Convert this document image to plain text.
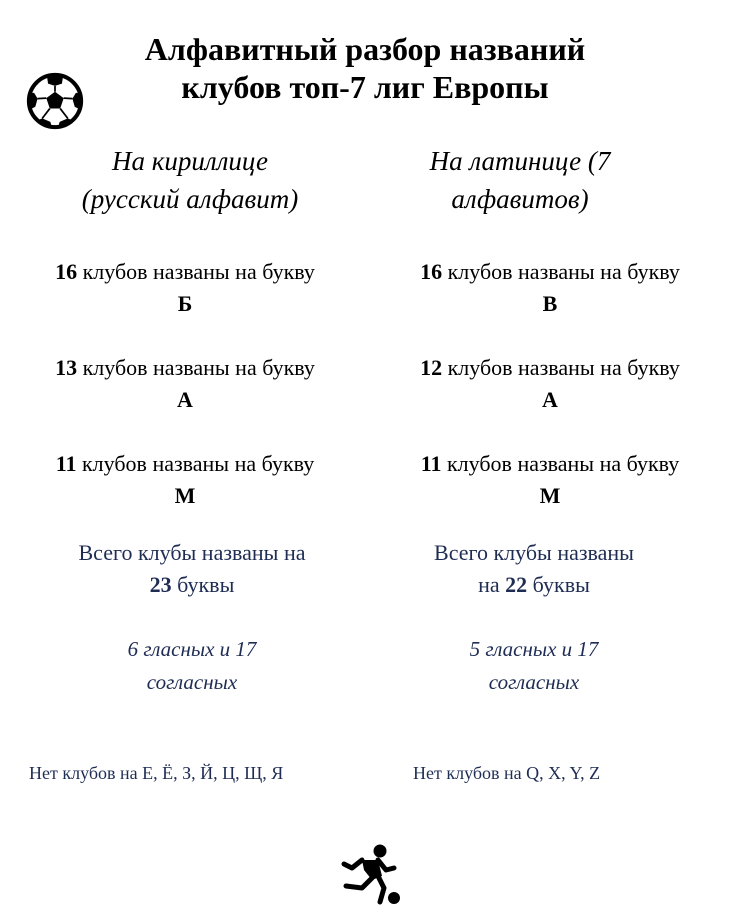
Алфавитный разбор названий
клубов топ-7 лиг Европы
На кириллице
(русский алфавит)
На латинице (7
алфавитов)
16 клубов названы на букву
Б
13 клубов названы на букву
А
11 клубов названы на букву
М
16 клубов названы на букву
B
12 клубов названы на букву
A
11 клубов названы на букву
M
Всего клубы названы на
23 буквы
Всего клубы названы
на 22 буквы
6 гласных и 17
согласных
5 гласных и 17
согласных
Нет клубов на Е, Ё, З, Й, Ц, Щ, Я	Нет клубов на Q, X, Y, Z
